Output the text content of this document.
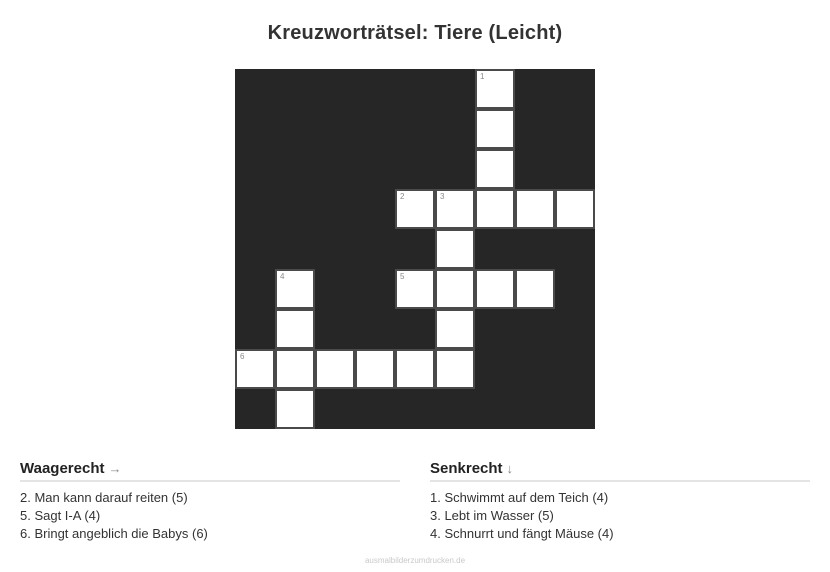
Kreuzworträtsel: Tiere (Leicht)
1
2	3
4	5
6
Waagerecht →
2. Man kann darauf reiten (5)
5. Sagt I-A (4)
6. Bringt angeblich die Babys (6)
Senkrecht ↓
1. Schwimmt auf dem Teich (4)
3. Lebt im Wasser (5)
4. Schnurrt und fängt Mäuse (4)
ausmalbilderzumdrucken.de
